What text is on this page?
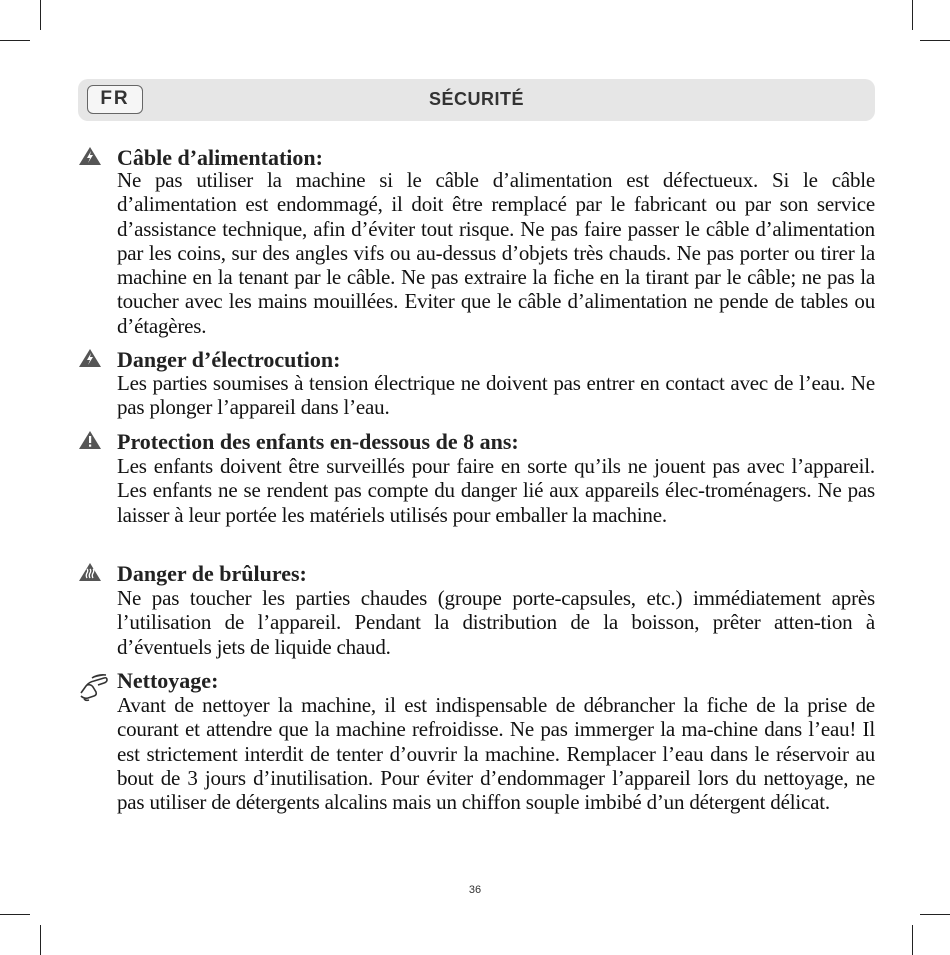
FR	SÉCURITÉ
Câble d’alimentation:
Ne pas utiliser la machine si le câble d’alimentation est défectueux. Si le câble d’alimentation est endommagé, il doit être remplacé par le fabricant ou par son service d’assistance technique, afin d’éviter tout risque. Ne pas faire passer le câble d’alimentation par les coins, sur des angles vifs ou au-dessus d’objets très chauds. Ne pas porter ou tirer la machine en la tenant par le câble. Ne pas extraire la fiche en la tirant par le câble; ne pas la toucher avec les mains mouillées. Eviter que le câble d’alimentation ne pende de tables ou d’étagères.
Danger d’électrocution:
Les parties soumises à tension électrique ne doivent pas entrer en contact avec de l’eau. Ne pas plonger l’appareil dans l’eau.
Protection des enfants en-dessous de 8 ans:
Les enfants doivent être surveillés pour faire en sorte qu’ils ne jouent pas avec l’appareil. Les enfants ne se rendent pas compte du danger lié aux appareils élec-troménagers. Ne pas laisser à leur portée les matériels utilisés pour emballer la machine.
Danger de brûlures:
Ne pas toucher les parties chaudes (groupe porte-capsules, etc.) immédiatement après l’utilisation de l’appareil. Pendant la distribution de la boisson, prêter atten-tion à d’éventuels jets de liquide chaud.
Nettoyage:
Avant de nettoyer la machine, il est indispensable de débrancher la fiche de la prise de courant et attendre que la machine refroidisse. Ne pas immerger la ma-chine dans l’eau! Il est strictement interdit de tenter d’ouvrir la machine. Remplacer l’eau dans le réservoir au bout de 3 jours d’inutilisation. Pour éviter d’endommager l’appareil lors du nettoyage, ne pas utiliser de détergents alcalins mais un chiffon souple imbibé d’un détergent délicat.
36
